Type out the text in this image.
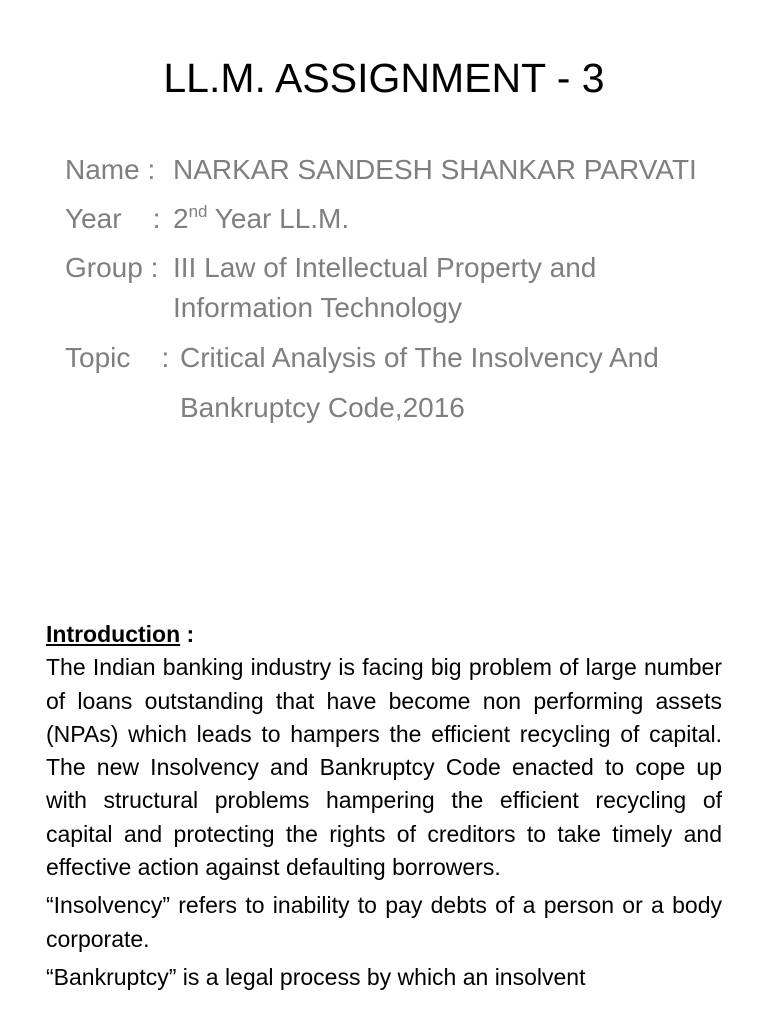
LL.M. ASSIGNMENT - 3
Name : NARKAR SANDESH SHANKAR PARVATI
Year    : 2nd Year LL.M.
Group : III Law of Intellectual Property and
Information Technology
Topic    : Critical Analysis of The Insolvency And
Bankruptcy Code,2016

Introduction :

The Indian banking industry is facing big problem of large number of loans outstanding that have become non performing assets (NPAs) which leads to hampers the efficient recycling of capital. The new Insolvency and Bankruptcy Code enacted to cope up with structural problems hampering the efficient recycling of capital and protecting the rights of creditors to take timely and effective action against defaulting borrowers.

“Insolvency” refers to inability to pay debts of a person or a body corporate.

“Bankruptcy” is a legal process by which an insolvent
